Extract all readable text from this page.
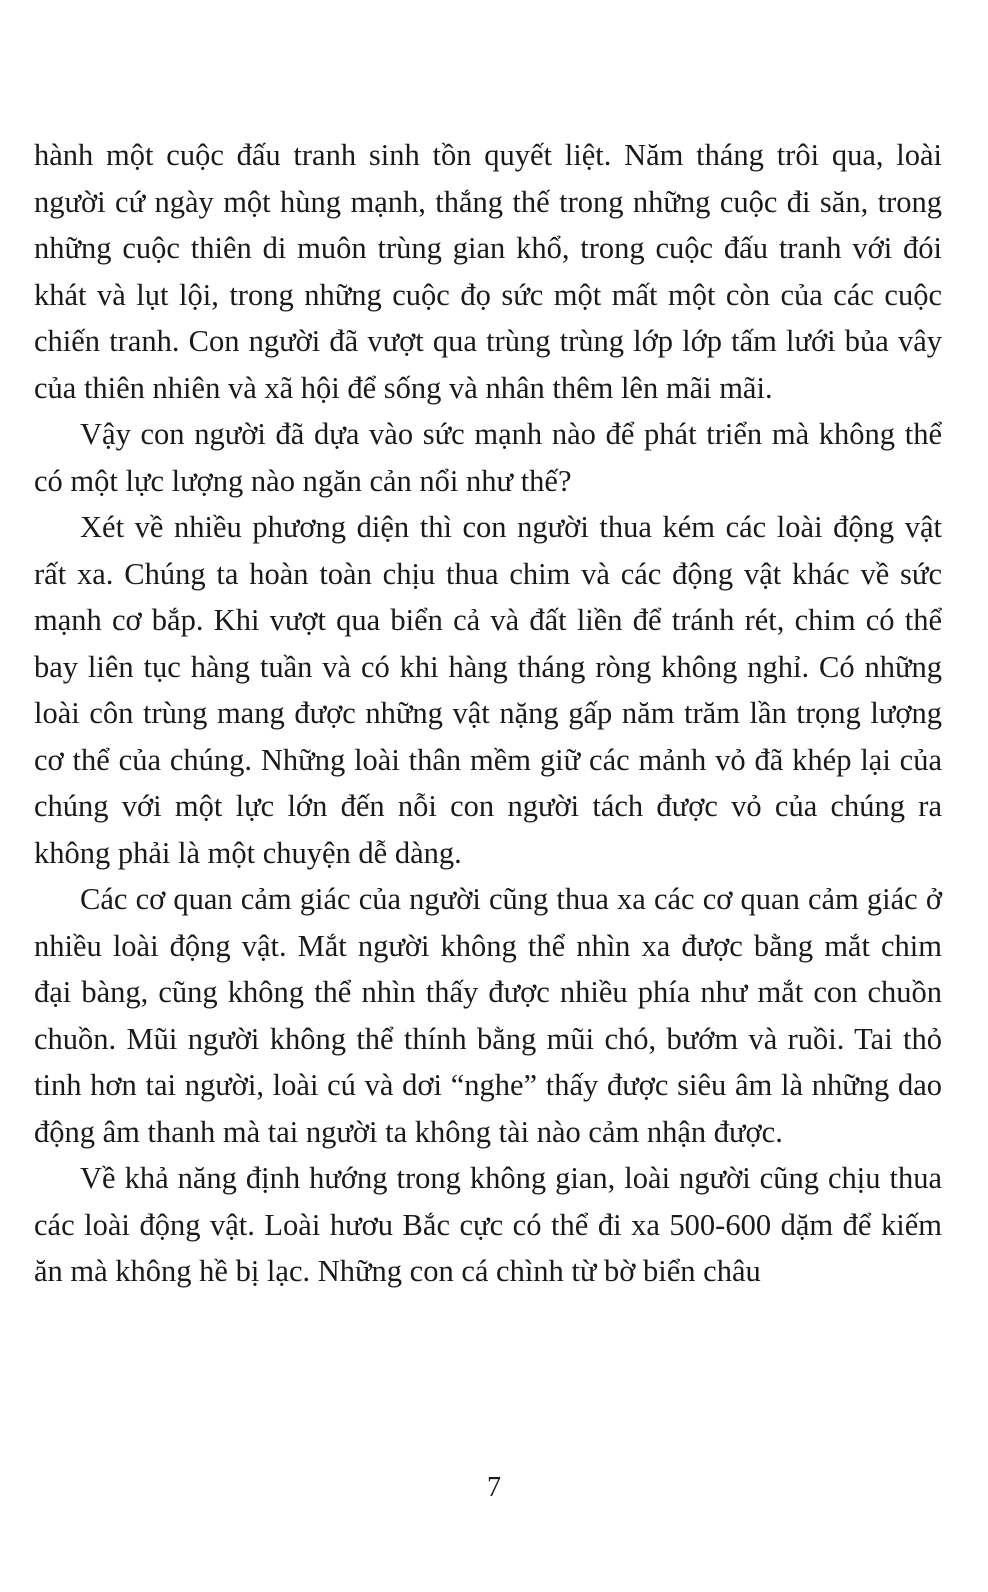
hành một cuộc đấu tranh sinh tồn quyết liệt. Năm tháng trôi qua, loài người cứ ngày một hùng mạnh, thắng thế trong những cuộc đi săn, trong những cuộc thiên di muôn trùng gian khổ, trong cuộc đấu tranh với đói khát và lụt lội, trong những cuộc đọ sức một mất một còn của các cuộc chiến tranh. Con người đã vượt qua trùng trùng lớp lớp tấm lưới bủa vây của thiên nhiên và xã hội để sống và nhân thêm lên mãi mãi.

Vậy con người đã dựa vào sức mạnh nào để phát triển mà không thể có một lực lượng nào ngăn cản nổi như thế?

Xét về nhiều phương diện thì con người thua kém các loài động vật rất xa. Chúng ta hoàn toàn chịu thua chim và các động vật khác về sức mạnh cơ bắp. Khi vượt qua biển cả và đất liền để tránh rét, chim có thể bay liên tục hàng tuần và có khi hàng tháng ròng không nghỉ. Có những loài côn trùng mang được những vật nặng gấp năm trăm lần trọng lượng cơ thể của chúng. Những loài thân mềm giữ các mảnh vỏ đã khép lại của chúng với một lực lớn đến nỗi con người tách được vỏ của chúng ra không phải là một chuyện dễ dàng.

Các cơ quan cảm giác của người cũng thua xa các cơ quan cảm giác ở nhiều loài động vật. Mắt người không thể nhìn xa được bằng mắt chim đại bàng, cũng không thể nhìn thấy được nhiều phía như mắt con chuồn chuồn. Mũi người không thể thính bằng mũi chó, bướm và ruồi. Tai thỏ tinh hơn tai người, loài cú và dơi “nghe” thấy được siêu âm là những dao động âm thanh mà tai người ta không tài nào cảm nhận được.

Về khả năng định hướng trong không gian, loài người cũng chịu thua các loài động vật. Loài hươu Bắc cực có thể đi xa 500-600 dặm để kiếm ăn mà không hề bị lạc. Những con cá chình từ bờ biển châu

7
